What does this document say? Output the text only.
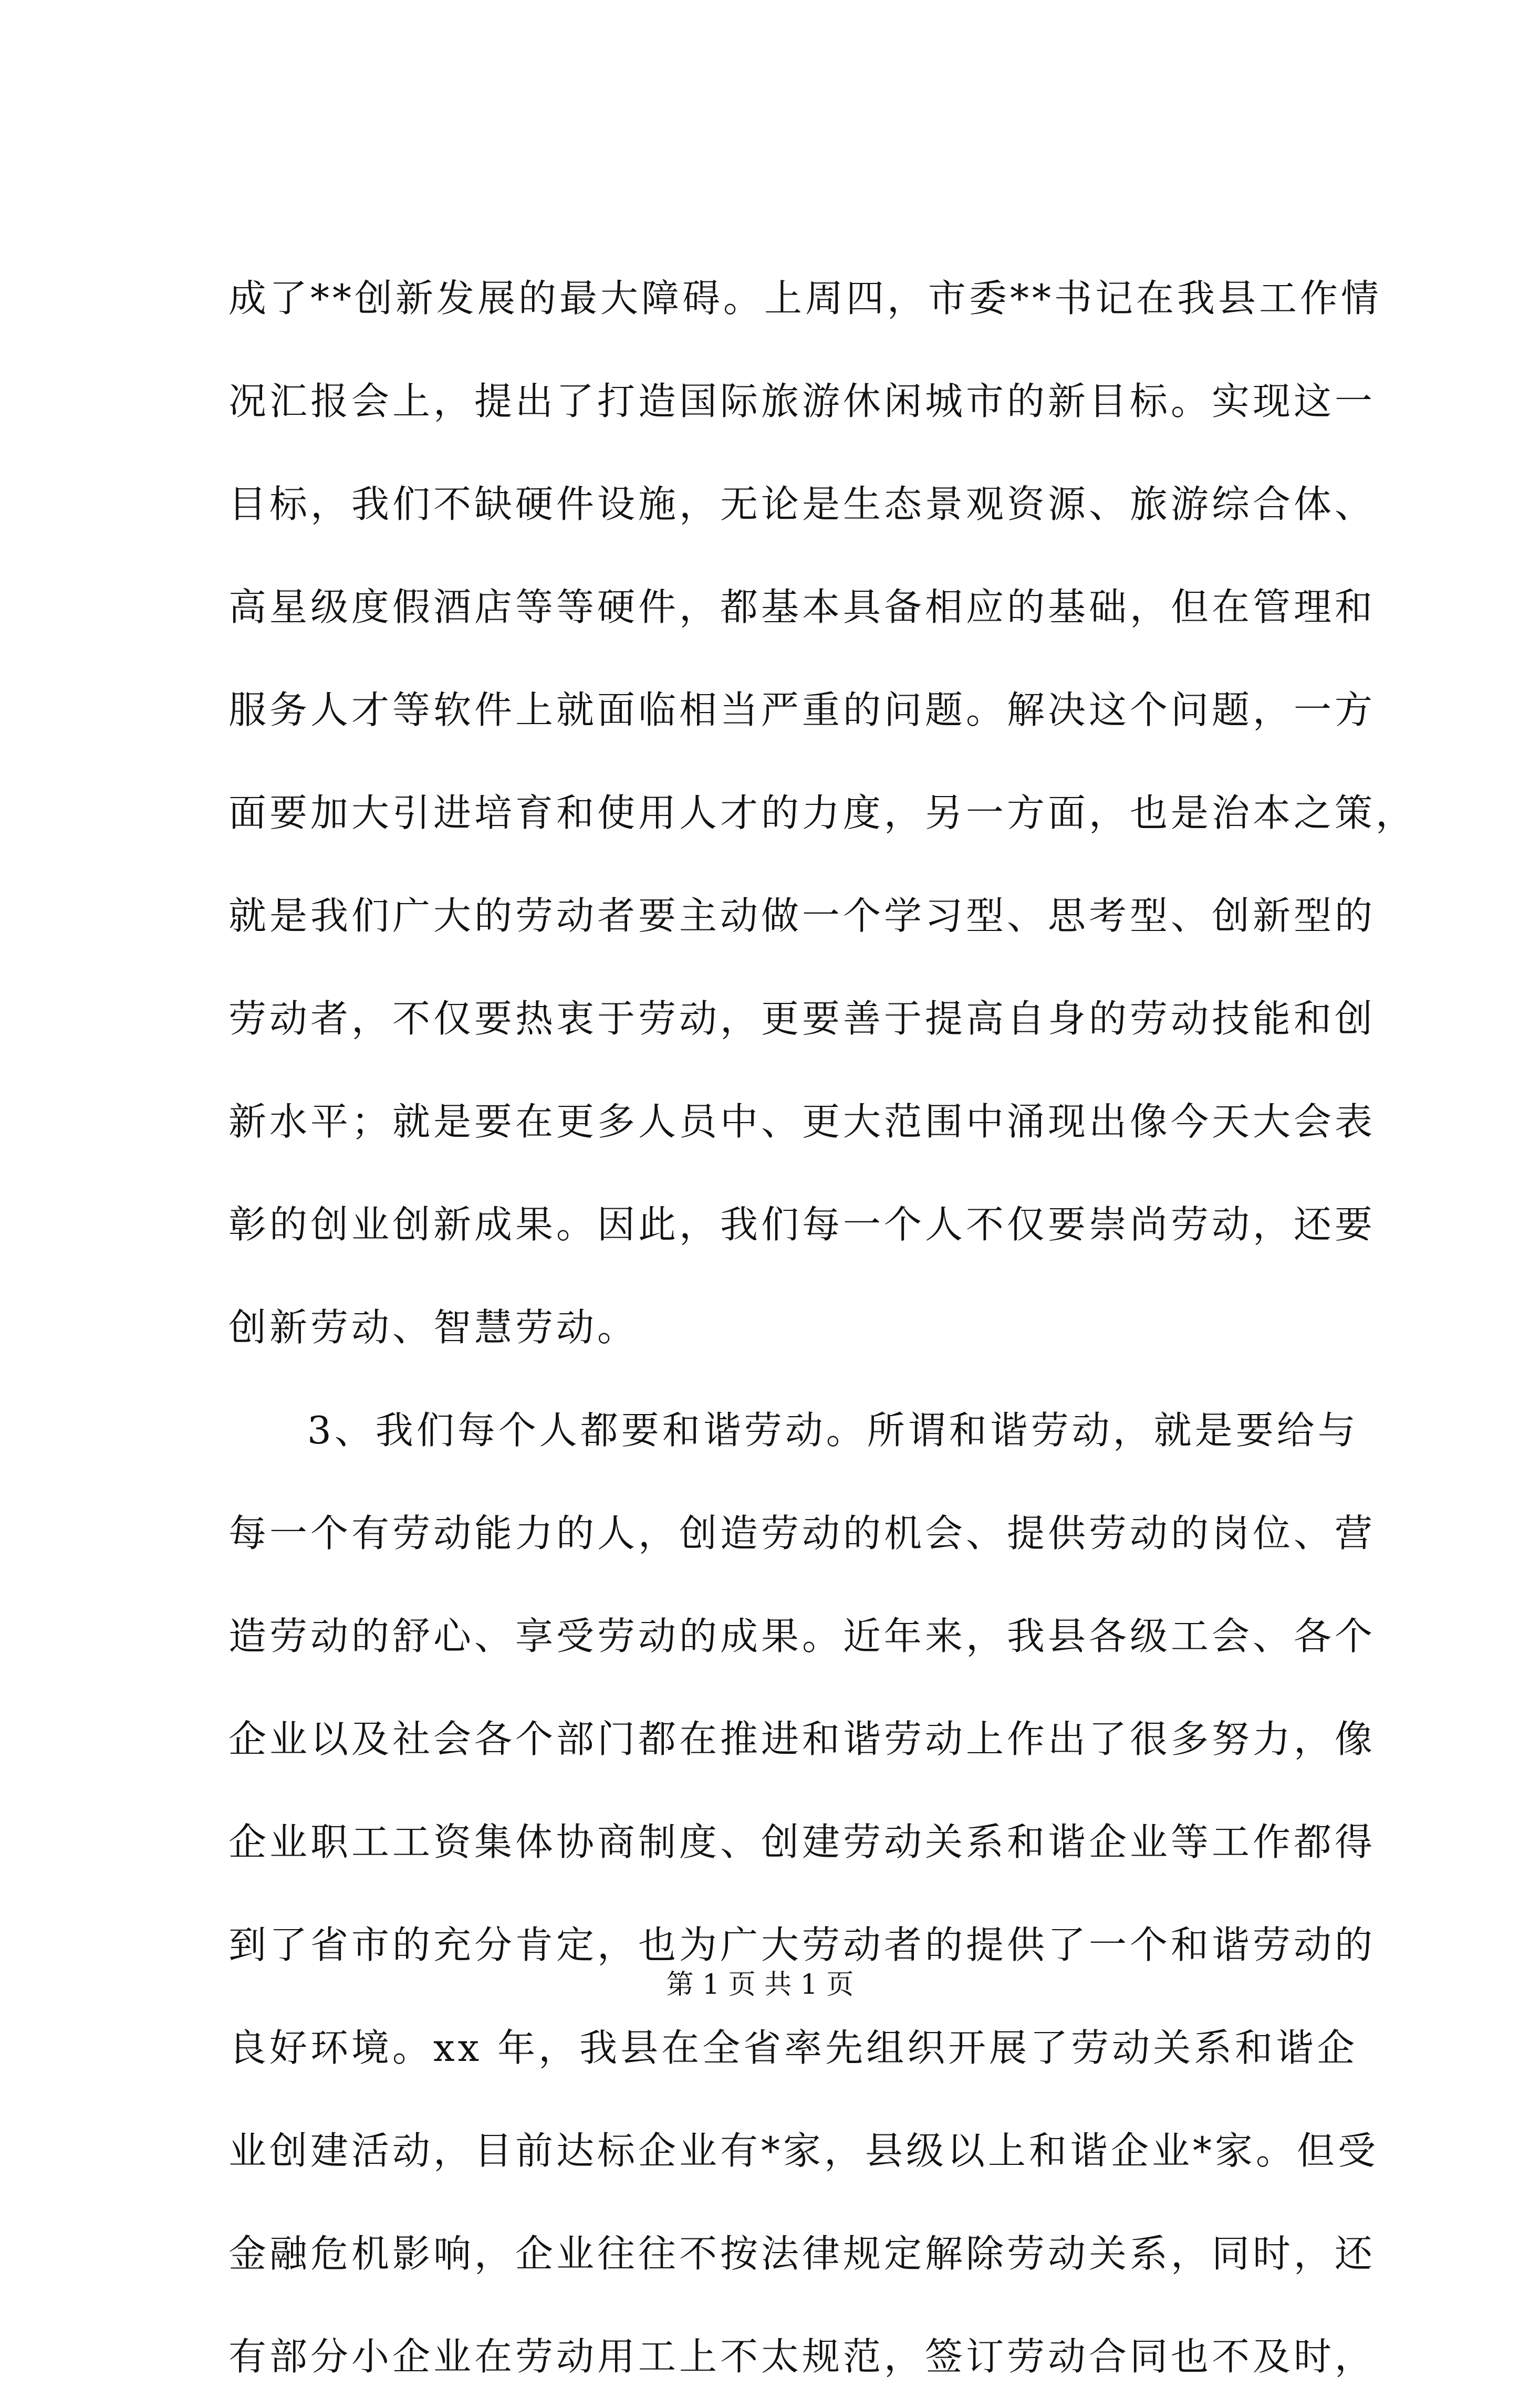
成了**创新发展的最大障碍。上周四，市委**书记在我县工作情
况汇报会上，提出了打造国际旅游休闲城市的新目标。实现这一
目标，我们不缺硬件设施，无论是生态景观资源、旅游综合体、
高星级度假酒店等等硬件，都基本具备相应的基础，但在管理和
服务人才等软件上就面临相当严重的问题。解决这个问题，一方
面要加大引进培育和使用人才的力度，另一方面，也是治本之策，
就是我们广大的劳动者要主动做一个学习型、思考型、创新型的
劳动者，不仅要热衷于劳动，更要善于提高自身的劳动技能和创
新水平；就是要在更多人员中、更大范围中涌现出像今天大会表
彰的创业创新成果。因此，我们每一个人不仅要崇尚劳动，还要
创新劳动、智慧劳动。
3、我们每个人都要和谐劳动。所谓和谐劳动，就是要给与
每一个有劳动能力的人，创造劳动的机会、提供劳动的岗位、营
造劳动的舒心、享受劳动的成果。近年来，我县各级工会、各个
企业以及社会各个部门都在推进和谐劳动上作出了很多努力，像
企业职工工资集体协商制度、创建劳动关系和谐企业等工作都得
到了省市的充分肯定，也为广大劳动者的提供了一个和谐劳动的
良好环境。xx 年，我县在全省率先组织开展了劳动关系和谐企
业创建活动，目前达标企业有*家，县级以上和谐企业*家。但受
金融危机影响，企业往往不按法律规定解除劳动关系，同时，还
有部分小企业在劳动用工上不太规范，签订劳动合同也不及时，
第 1 页 共 1 页
